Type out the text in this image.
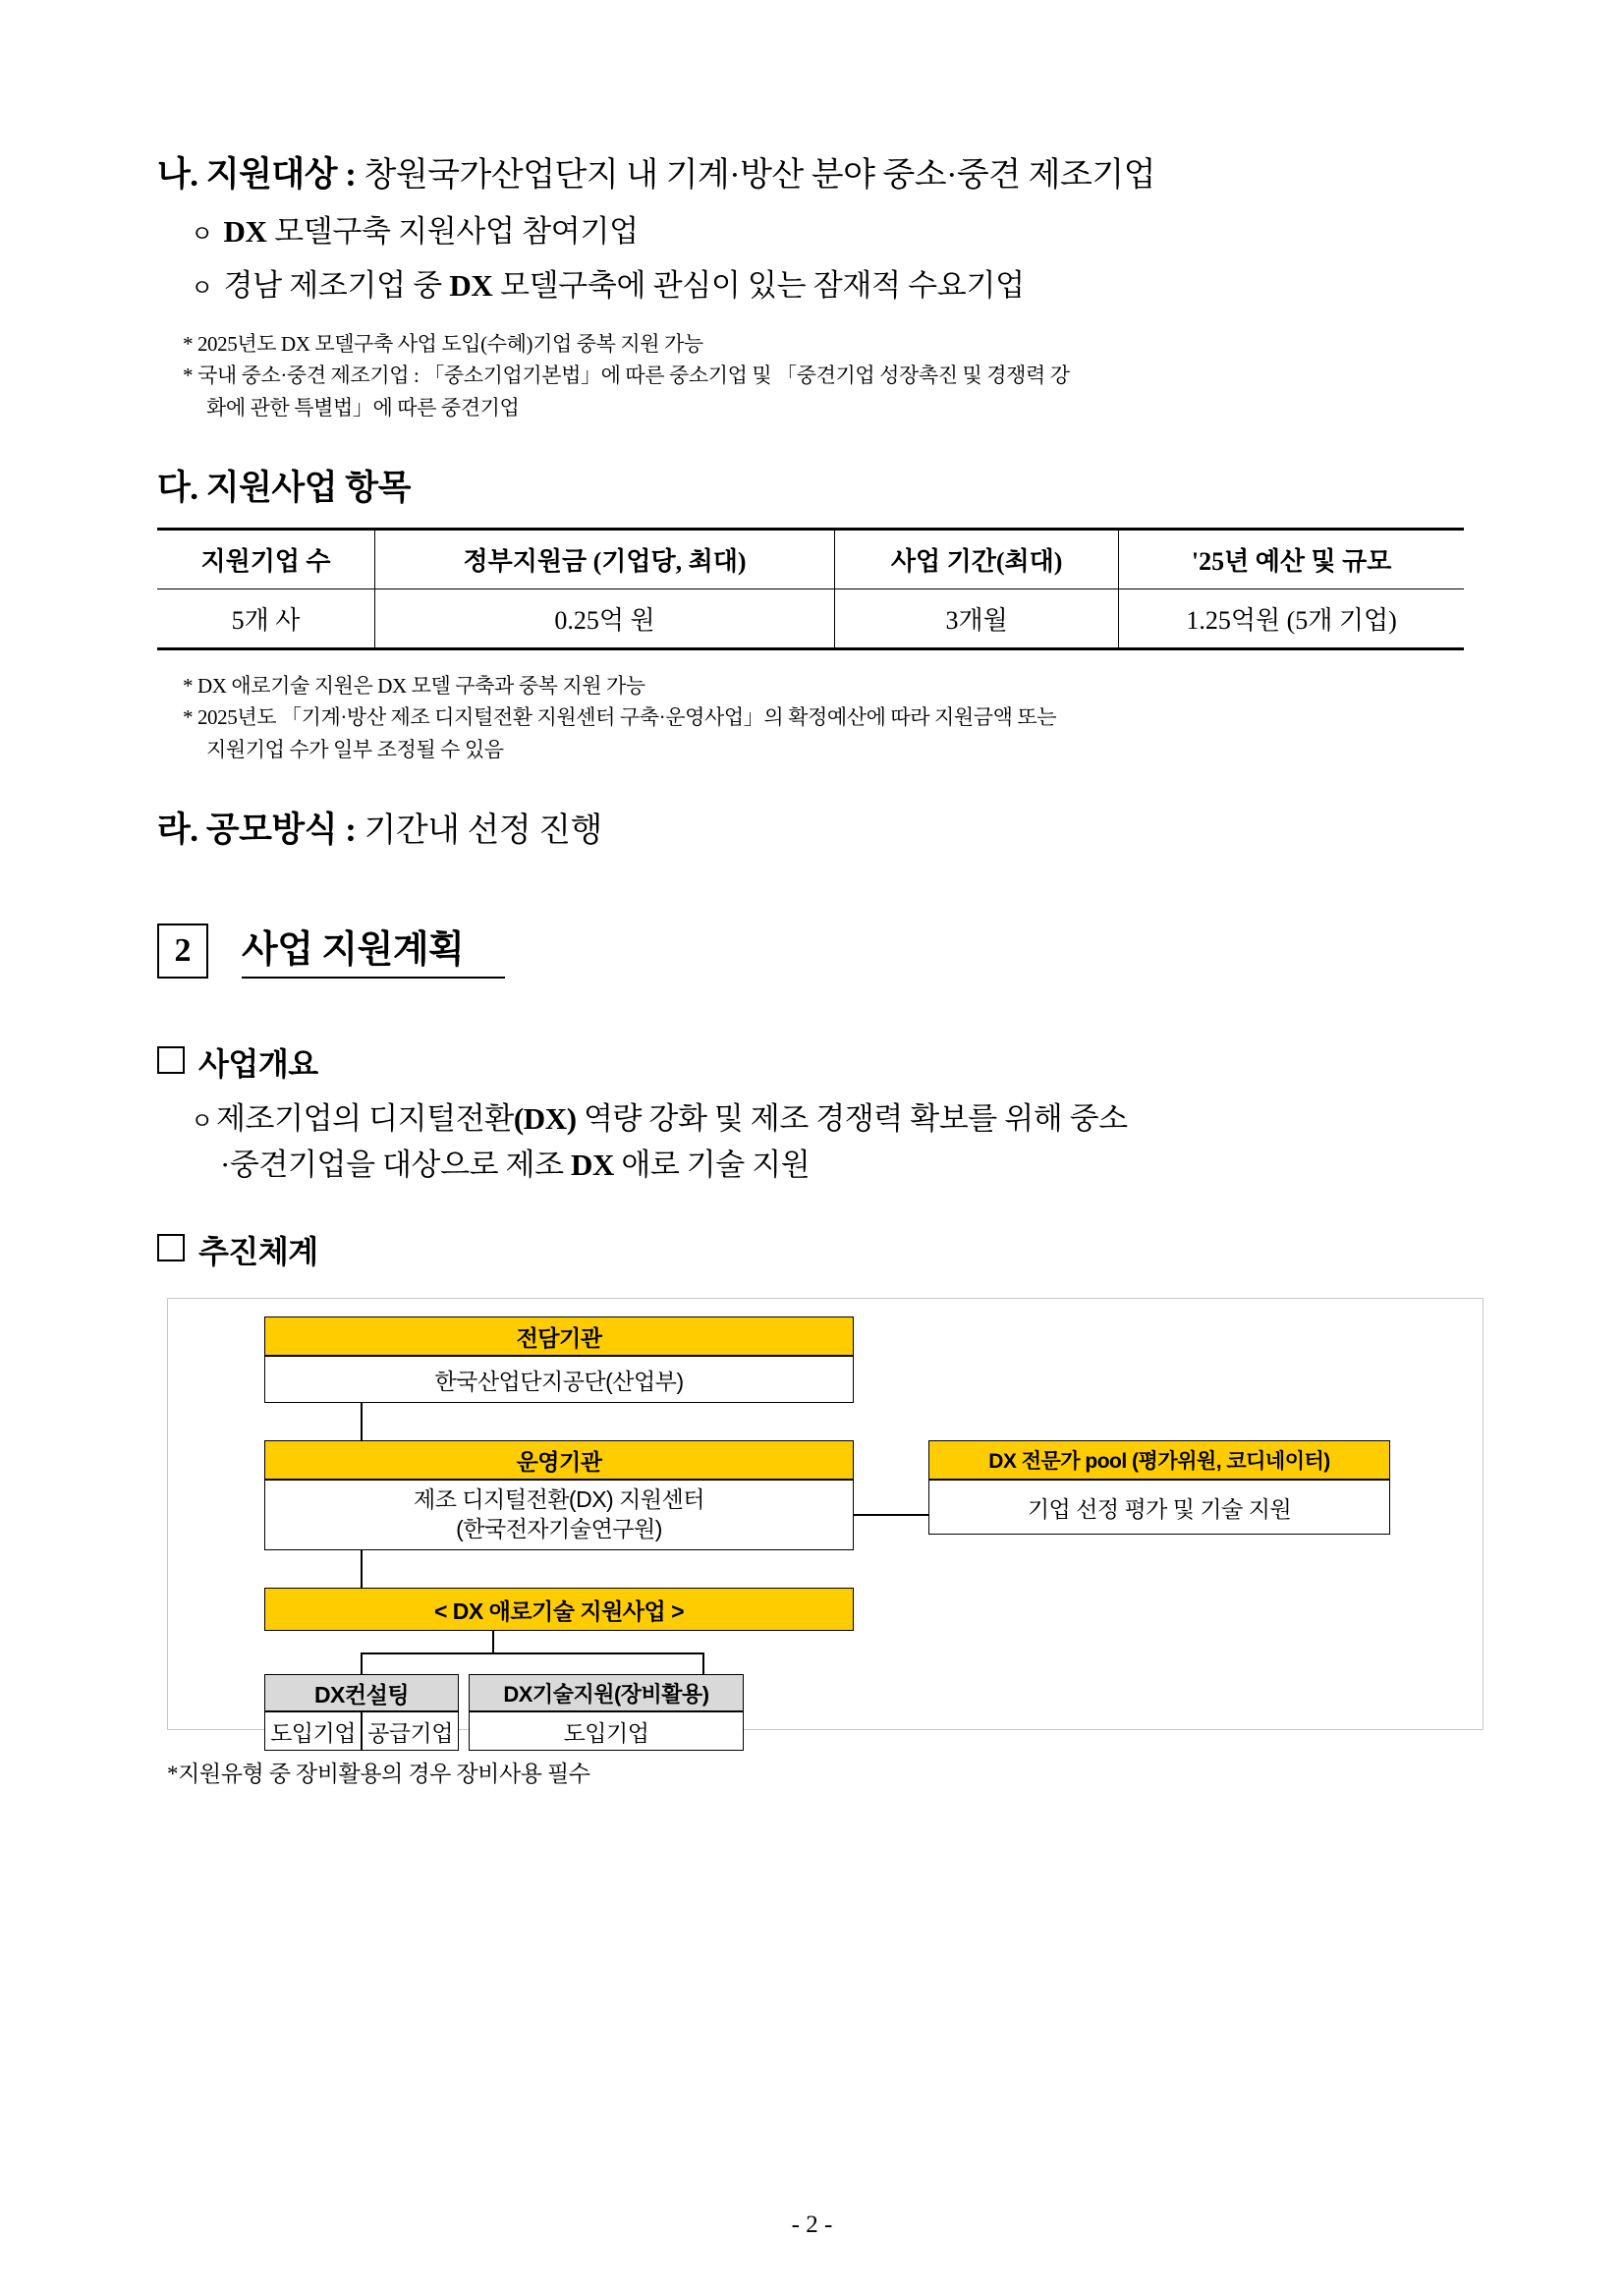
나. 지원대상 : 창원국가산업단지 내 기계·방산 분야 중소·중견 제조기업
ㅇ DX 모델구축 지원사업 참여기업
ㅇ 경남 제조기업 중 DX 모델구축에 관심이 있는 잠재적 수요기업
* 2025년도 DX 모델구축 사업 도입(수혜)기업 중복 지원 가능
* 국내 중소·중견 제조기업 : 「중소기업기본법」에 따른 중소기업 및 「중견기업 성장촉진 및 경쟁력 강
화에 관한 특별법」에 따른 중견기업
다. 지원사업 항목
지원기업 수	정부지원금 (기업당, 최대)	사업 기간(최대)	'25년 예산 및 규모
5개 사	0.25억 원	3개월	1.25억원 (5개 기업)
* DX 애로기술 지원은 DX 모델 구축과 중복 지원 가능
* 2025년도 「기계·방산 제조 디지털전환 지원센터 구축·운영사업」의 확정예산에 따라 지원금액 또는
지원기업 수가 일부 조정될 수 있음
라. 공모방식 : 기간내 선정 진행
2	사업 지원계획
사업개요
ㅇ 제조기업의 디지털전환(DX) 역량 강화 및 제조 경쟁력 확보를 위해 중소
·중견기업을 대상으로 제조 DX 애로 기술 지원
추진체계
전담기관
한국산업단지공단(산업부)
운영기관
제조 디지털전환(DX) 지원센터
(한국전자기술연구원)
DX 전문가 pool (평가위원, 코디네이터)
기업 선정 평가 및 기술 지원
< DX 애로기술 지원사업 >
DX컨설팅
도입기업 공급기업
DX기술지원(장비활용)
도입기업
*지원유형 중 장비활용의 경우 장비사용 필수
- 2 -
